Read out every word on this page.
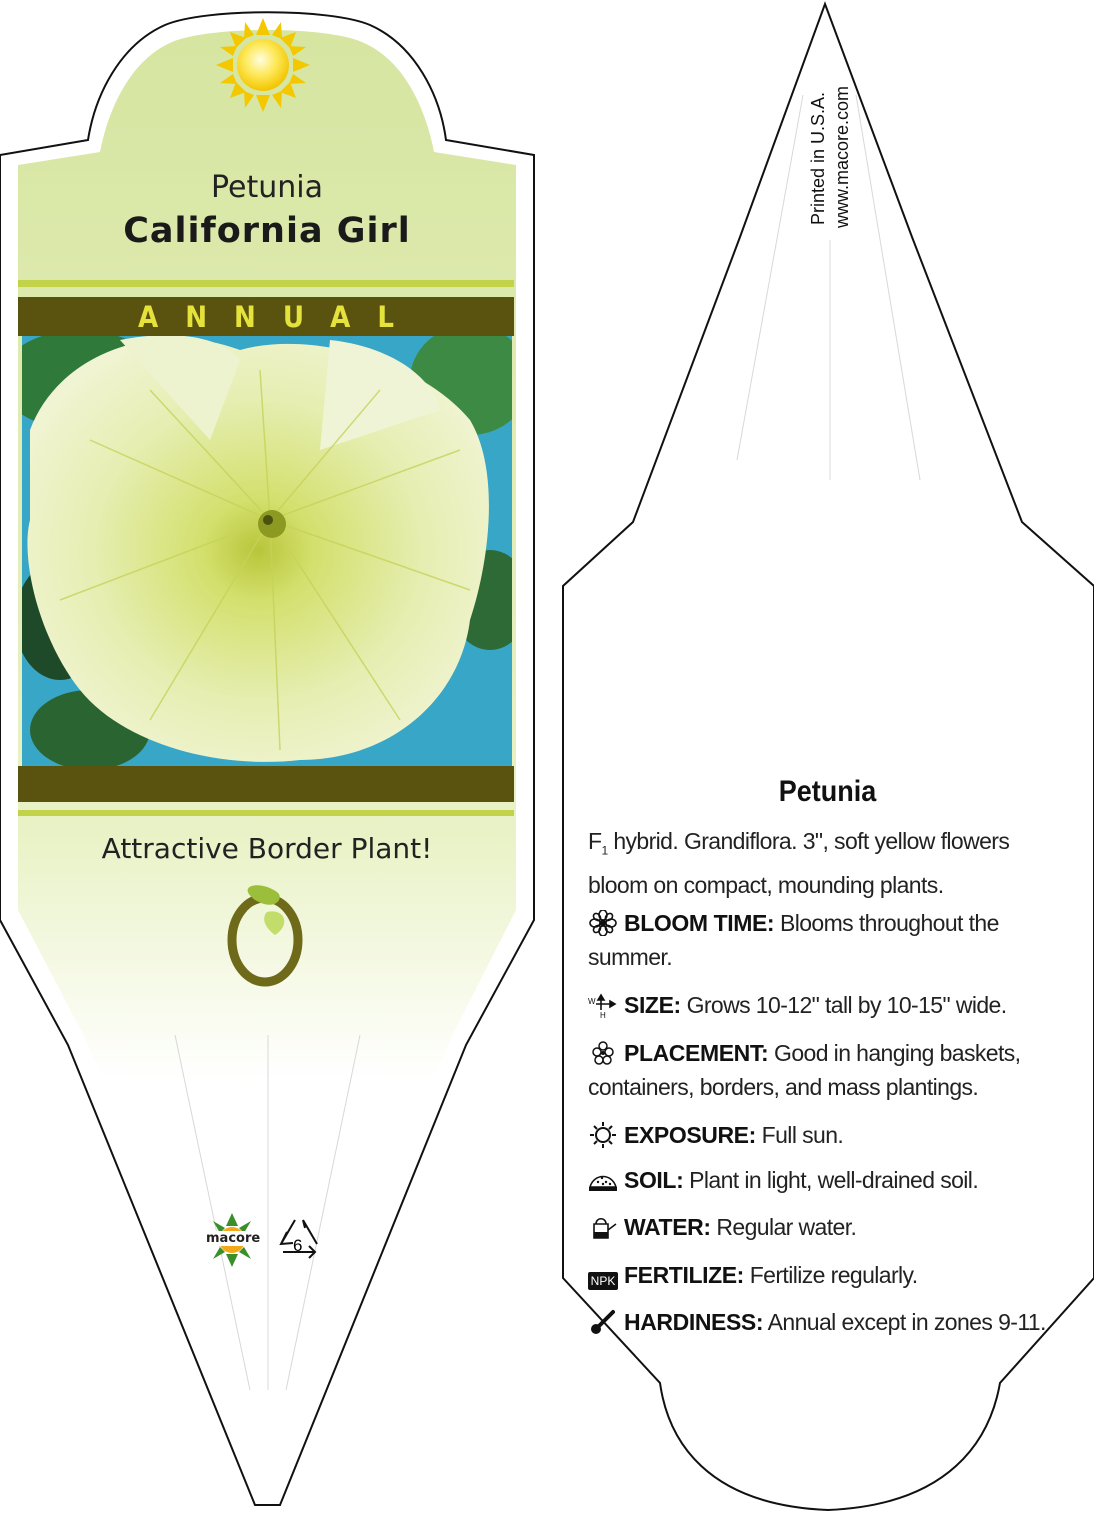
Petunia
California Girl
ANNUAL
Attractive Border Plant!
macore 6
Printed in U.S.A. www.macore.com
Petunia
$F_1$ hybrid. Grandiflora. 3", soft yellow flowers bloom on compact, mounding plants.
BLOOM TIME: Blooms throughout the summer.
W
H SIZE: Grows 10-12" tall by 10-15" wide.
PLACEMENT: Good in hanging baskets, containers, borders, and mass plantings.
EXPOSURE: Full sun.
SOIL: Plant in light, well-drained soil.
WATER: Regular water.
NPK FERTILIZE: Fertilize regularly.
HARDINESS: Annual except in zones 9-11.
